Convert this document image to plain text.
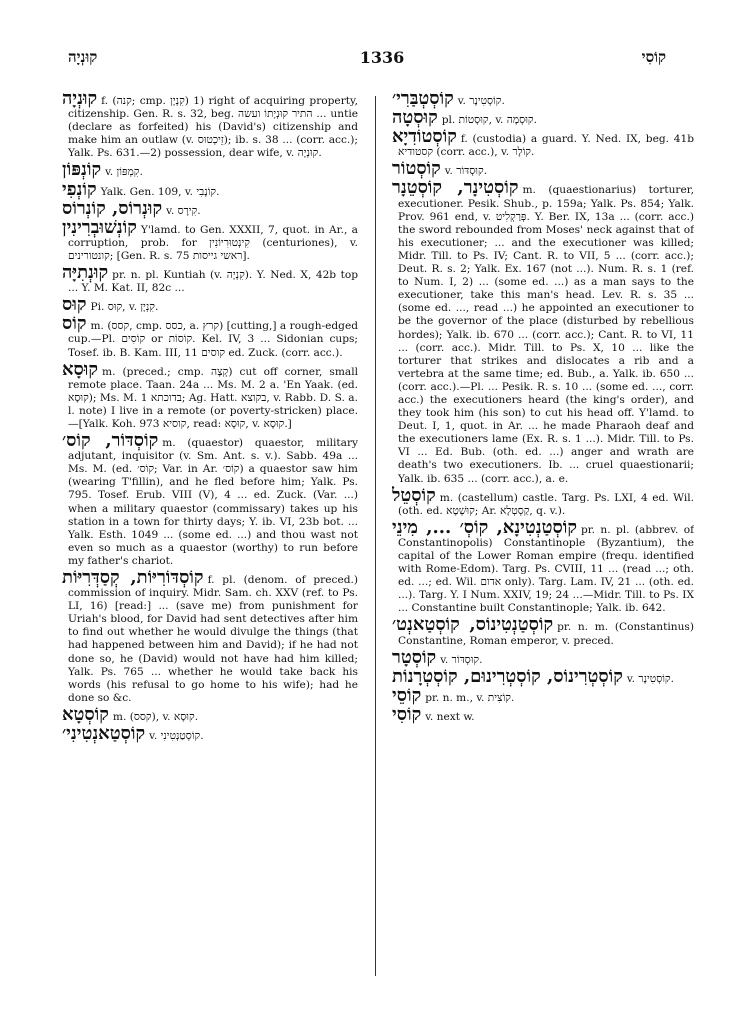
קוּנְיָה	1336	קוֹסִי

קוּנְיָה f. (קנה; cmp. קִנְיָן) 1) right of acquiring property, citizenship. Gen. R. s. 32, beg. התיר קוּנְיָתוֹ ועשה ... untie (declare as forfeited) his (David's) citizenship and make him an outlaw (v. זֵיכְטוּס); ib. s. 38 ... (corr. acc.); Yalk. Ps. 631.—2) possession, dear wife, v. קוּנְיָה.

קוֹנְפּוֹן v. קִמְפּוֹן.

קוֹנְפִי Yalk. Gen. 109, v. קוֹנָבִי.

קוּנְרוֹס, קוֹנְרוֹס v. קִירָס.

קוֹנְשׁוּבְרִינִין Y'lamd. to Gen. XXXII, 7, quot. in Ar., a corruption, prob. for קִינְטוּרִיוֹנִין (centuriones), v. קונטורינים; [Gen. R. s. 75 ראשי גייסות].

קוּנְתִיָּה pr. n. pl. Kuntiah (v. קִנְיָה). Y. Ned. X, 42b top ... Y. M. Kat. II, 82c ...

קוּס Pi. קוּס, v. קִנְיָן.

קוֹס m. (קסס, cmp. כסס, a. קרץ) [cutting,] a rough-edged cup.—Pl. קוֹסִים or קוֹסוֹת. Kel. IV, 3 ... Sidonian cups; Tosef. ib. B. Kam. III, 11 קוסים ed. Zuck. (corr. acc.).

קוּסָא m. (preced.; cmp. קְצָה) cut off corner, small remote place. Taan. 24a ... Ms. M. 2 a. 'En Yaak. (ed. קוּסָא); Ms. M. 1 בדוכתא; Ag. Hatt. בקוצא, v. Rabb. D. S. a. l. note) I live in a remote (or poverty-stricken) place.—[Yalk. Koh. 973 קוסיא, read: קוּסָא, v. קוּסָא.]

קוֹסְדּוֹר, קוֹס׳ m. (quaestor) quaestor, military adjutant, inquisitor (v. Sm. Ant. s. v.). Sabb. 49a ... Ms. M. (ed. קוֹס׳; Var. in Ar. קוֹס׳) a quaestor saw him (wearing T'fillin), and he fled before him; Yalk. Ps. 795. Tosef. Erub. VIII (V), 4 ... ed. Zuck. (Var. ...) when a military quaestor (commissary) takes up his station in a town for thirty days; Y. ib. VI, 23b bot. ... Yalk. Esth. 1049 ... (some ed. ...) and thou wast not even so much as a quaestor (worthy) to run before my father's chariot.

קוֹסְדּוֹרִיּוֹת, קְסַדְּרִיּוֹת f. pl. (denom. of preced.) commission of inquiry. Midr. Sam. ch. XXV (ref. to Ps. LI, 16) [read:] ... (save me) from punishment for Uriah's blood, for David had sent detectives after him to find out whether he would divulge the things (that had happened between him and David); if he had not done so, he (David) would not have had him killed; Yalk. Ps. 765 ... whether he would take back his words (his refusal to go home to his wife); had he done so &c.

קוֹסְטָא m. (קסס), v. קוּסָא.

קוֹסְטַאנְטִינִי׳ v. קוֹסְטַנְטִינִי.

קוֹסְטְבַּרִי׳ v. קוֹסְטִינָר.

קוּסְטָה pl. קוּסְטוֹת, v. קוּסְמָה.

קוֹסְטוֹדִיָא f. (custodia) a guard. Y. Ned. IX, beg. 41b קסטודיא (corr. acc.), v. קוֹלָר.

קוֹסְטוֹר v. קוּסְדּוֹר.

קוֹסְטִינָר, קוֹסְטֵנָר m. (quaestionarius) torturer, executioner. Pesik. Shub., p. 159a; Yalk. Ps. 854; Yalk. Prov. 961 end, v. פְּרַקְלִיט. Y. Ber. IX, 13a ... (corr. acc.) the sword rebounded from Moses' neck against that of his executioner; ... and the executioner was killed; Midr. Till. to Ps. IV; Cant. R. to VII, 5 ... (corr. acc.); Deut. R. s. 2; Yalk. Ex. 167 (not ...). Num. R. s. 1 (ref. to Num. I, 2) ... (some ed. ...) as a man says to the executioner, take this man's head. Lev. R. s. 35 ... (some ed. ..., read ...) he appointed an executioner to be the governor of the place (disturbed by rebellious hordes); Yalk. ib. 670 ... (corr. acc.); Cant. R. to VI, 11 ... (corr. acc.). Midr. Till. to Ps. X, 10 ... like the torturer that strikes and dislocates a rib and a vertebra at the same time; ed. Bub., a. Yalk. ib. 650 ... (corr. acc.).—Pl. ... Pesik. R. s. 10 ... (some ed. ..., corr. acc.) the executioners heard (the king's order), and they took him (his son) to cut his head off. Y'lamd. to Deut. I, 1, quot. in Ar. ... he made Pharaoh deaf and the executioners lame (Ex. R. s. 1 ...). Midr. Till. to Ps. VI ... Ed. Bub. (oth. ed. ...) anger and wrath are death's two executioners. Ib. ... cruel quaestionarii; Yalk. ib. 635 ... (corr. acc.), a. e.

קוֹסְטֵל m. (castellum) castle. Targ. Ps. LXI, 4 ed. Wil. (oth. ed. קוּשְׁטָא; Ar. קַסְטְלָא, q. v.).

קוֹסְטַנְטִינָא, קוֹסְ׳ ..., מִינֵי pr. n. pl. (abbrev. of Constantinopolis) Constantinople (Byzantium), the capital of the Lower Roman empire (frequ. identified with Rome-Edom). Targ. Ps. CVIII, 11 ... (read ...; oth. ed. ...; ed. Wil. אדום only). Targ. Lam. IV, 21 ... (oth. ed. ...). Targ. Y. I Num. XXIV, 19; 24 ...—Midr. Till. to Ps. IX ... Constantine built Constantinople; Yalk. ib. 642.

קוֹסְטַנְטִינוֹס, קוֹסְטַאנְט׳ pr. n. m. (Constantinus) Constantine, Roman emperor, v. preced.

קוֹסְטָר v. קוּסְדּוֹר.

קוֹסְטְרִינוֹס, קוֹסְטְרִינוּם, קוֹסְטְרָנוֹת v. קוֹסְטִינָר.

קוֹסֵי pr. n. m., v. קוֹצִית.

קוֹסִי v. next w.
